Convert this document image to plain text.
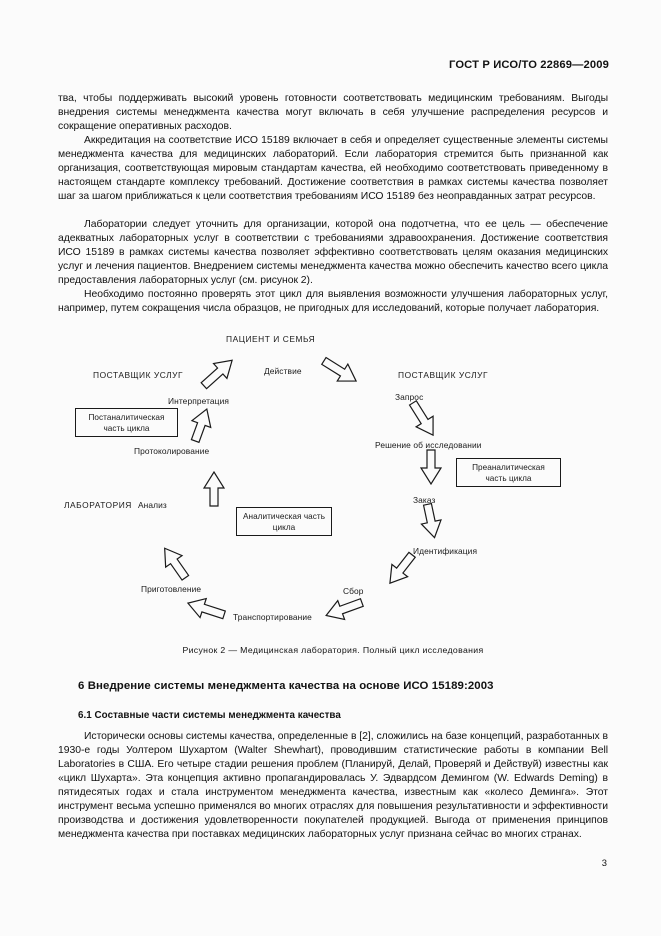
ГОСТ Р ИСО/ТО 22869—2009

тва, чтобы поддерживать высокий уровень готовности соответствовать медицинским требованиям. Выгоды внедрения системы менеджмента качества могут включать в себя улучшение распределения ресурсов и сокращение оперативных расходов.

Аккредитация на соответствие ИСО 15189 включает в себя и определяет существенные элементы системы менеджмента качества для медицинских лабораторий. Если лаборатория стремится быть признанной как организация, соответствующая мировым стандартам качества, ей необходимо соответствовать приведенному в настоящем стандарте комплексу требований. Достижение соответствия в рамках системы качества позволяет шаг за шагом приближаться к цели соответствия требованиям ИСО 15189 без неоправданных затрат ресурсов.

Лаборатории следует уточнить для организации, которой она подотчетна, что ее цель — обеспечение адекватных лабораторных услуг в соответствии с требованиями здравоохранения. Достижение соответствия ИСО 15189 в рамках системы качества позволяет эффективно соответствовать целям оказания медицинских услуг и лечения пациентов. Внедрением системы менеджмента качества можно обеспечить качество всего цикла предоставления лабораторных услуг (см. рисунок 2).

Необходимо постоянно проверять этот цикл для выявления возможности улучшения лабораторных услуг, например, путем сокращения числа образцов, не пригодных для исследований, которые получает лаборатория.

ПАЦИЕНТ И СЕМЬЯ
ПОСТАВЩИК УСЛУГ	ПОСТАВЩИК УСЛУГ
ЛАБОРАТОРИЯ
Действие
Запрос
Решение об исследовании
Заказ
Идентификация
Сбор
Транспортирование
Приготовление
Анализ
Протоколирование
Интерпретация
Постаналитическая часть цикла
Преаналитическая часть цикла
Аналитическая часть цикла
Рисунок 2 — Медицинская лаборатория. Полный цикл исследования
6 Внедрение системы менеджмента качества на основе ИСО 15189:2003
6.1 Составные части системы менеджмента качества

Исторически основы системы качества, определенные в [2], сложились на базе концепций, разработанных в 1930-е годы Уолтером Шухартом (Walter Shewhart), проводившим статистические работы в компании Bell Laboratories в США. Его четыре стадии решения проблем (Планируй, Делай, Проверяй и Действуй) известны как «цикл Шухарта». Эта концепция активно пропагандировалась У. Эдвардсом Демингом (W. Edwards Deming) в пятидесятых годах и стала инструментом менеджмента качества, известным как «колесо Деминга». Этот инструмент весьма успешно применялся во многих отраслях для повышения результативности и эффективности производства и достижения удовлетворенности покупателей продукцией. Выгода от применения принципов менеджмента качества при поставках медицинских лабораторных услуг признана сейчас во многих странах.

3
